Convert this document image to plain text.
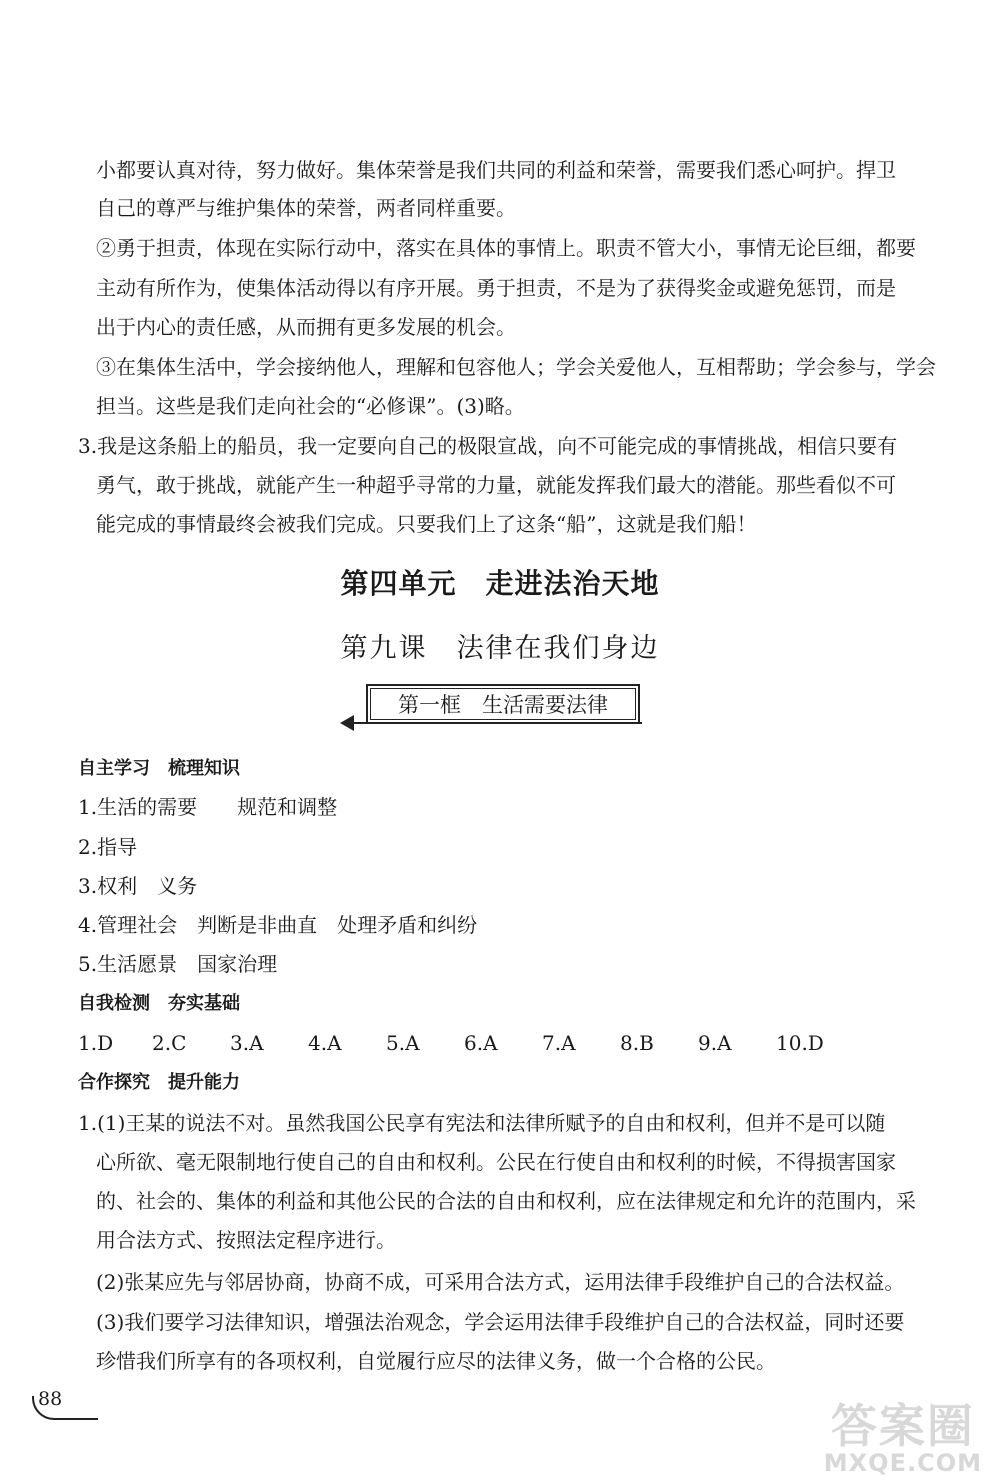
小都要认真对待，努力做好。集体荣誉是我们共同的利益和荣誉，需要我们悉心呵护。捍卫
自己的尊严与维护集体的荣誉，两者同样重要。
②勇于担责，体现在实际行动中，落实在具体的事情上。职责不管大小，事情无论巨细，都要
主动有所作为，使集体活动得以有序开展。勇于担责，不是为了获得奖金或避免惩罚，而是
出于内心的责任感，从而拥有更多发展的机会。
③在集体生活中，学会接纳他人，理解和包容他人；学会关爱他人，互相帮助；学会参与，学会
担当。这些是我们走向社会的“必修课”。(3)略。
3.我是这条船上的船员，我一定要向自己的极限宣战，向不可能完成的事情挑战，相信只要有
勇气，敢于挑战，就能产生一种超乎寻常的力量，就能发挥我们最大的潜能。那些看似不可
能完成的事情最终会被我们完成。只要我们上了这条“船”，这就是我们船！
第四单元　走进法治天地
第九课　法律在我们身边
第一框　生活需要法律
自主学习　梳理知识
1.生活的需要　　规范和调整
2.指导
3.权利　义务
4.管理社会　判断是非曲直　处理矛盾和纠纷
5.生活愿景　国家治理
自我检测　夯实基础
1.D 2.C 3.A 4.A 5.A 6.A 7.A 8.B 9.A 10.D
合作探究　提升能力
1.(1)王某的说法不对。虽然我国公民享有宪法和法律所赋予的自由和权利，但并不是可以随
心所欲、毫无限制地行使自己的自由和权利。公民在行使自由和权利的时候，不得损害国家
的、社会的、集体的利益和其他公民的合法的自由和权利，应在法律规定和允许的范围内，采
用合法方式、按照法定程序进行。
(2)张某应先与邻居协商，协商不成，可采用合法方式，运用法律手段维护自己的合法权益。
(3)我们要学习法律知识，增强法治观念，学会运用法律手段维护自己的合法权益，同时还要
珍惜我们所享有的各项权利，自觉履行应尽的法律义务，做一个合格的公民。
88	答案圈
MXQE.COM
